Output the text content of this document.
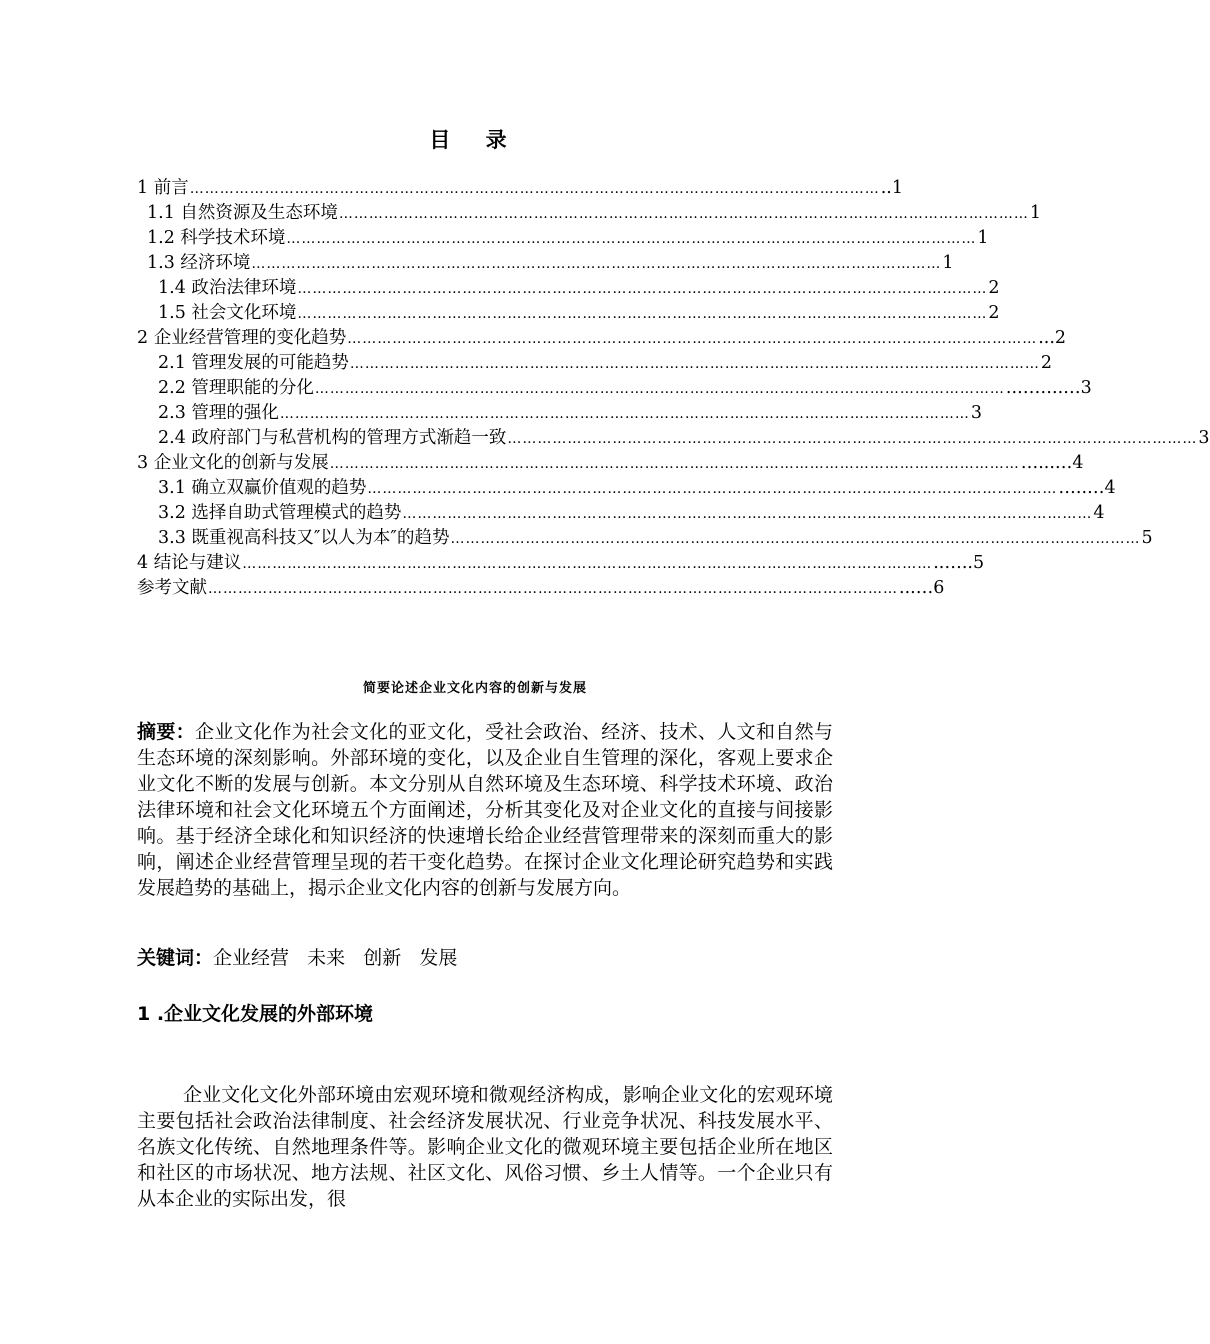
目 录
1 前言 ………………………………………………………………………………………………………………………… ..1
1.1 自然资源及生态环境 ………………………………………………………………………………………………………………………… 1
1.2 科学技术环境 ………………………………………………………………………………………………………………………… 1
1.3 经济环境 ………………………………………………………………………………………………………………………… 1
1.4 政治法律环境 ………………………………………………………………………………………………………………………… 2
1.5 社会文化环境 ………………………………………………………………………………………………………………………… 2
2 企业经营管理的变化趋势 ………………………………………………………………………………………………………………………… ...2
2.1 管理发展的可能趋势 ………………………………………………………………………………………………………………………… 2
2.2 管理职能的分化 ………………………………………………………………………………………………………………………… ..……..…3
2.3 管理的强化 ………………………………………………………………………………………………………………………… 3
2.4 政府部门与私营机构的管理方式渐趋一致 ………………………………………………………………………………………………………………………… 3
3 企业文化的创新与发展 ………………………………………………………………………………………………………………………… …...…4
3.1 确立双赢价值观的趋势 ………………………………………………………………………………………………………………………… …..…4
3.2 选择自助式管理模式的趋势 ………………………………………………………………………………………………………………………… 4
3.3 既重视高科技又″以人为本″的趋势 ………………………………………………………………………………………………………………………… 5
4 结论与建议 ………………………………………………………………………………………………………………………… ..…..5
参考文献 ………………………………………………………………………………………………………………………… ...…6
简要论述企业文化内容的创新与发展
摘要：企业文化作为社会文化的亚文化，受社会政治、经济、技术、人文和自然与生态环境的深刻影响。外部环境的变化，以及企业自生管理的深化，客观上要求企业文化不断的发展与创新。本文分别从自然环境及生态环境、科学技术环境、政治法律环境和社会文化环境五个方面阐述，分析其变化及对企业文化的直接与间接影响。基于经济全球化和知识经济的快速增长给企业经营管理带来的深刻而重大的影响，阐述企业经营管理呈现的若干变化趋势。在探讨企业文化理论研究趋势和实践发展趋势的基础上，揭示企业文化内容的创新与发展方向。
关键词：企业经营   未来   创新   发展
1 .企业文化发展的外部环境
企业文化文化外部环境由宏观环境和微观经济构成，影响企业文化的宏观环境主要包括社会政治法律制度、社会经济发展状况、行业竞争状况、科技发展水平、名族文化传统、自然地理条件等。影响企业文化的微观环境主要包括企业所在地区和社区的市场状况、地方法规、社区文化、风俗习惯、乡土人情等。一个企业只有从本企业的实际出发，很
